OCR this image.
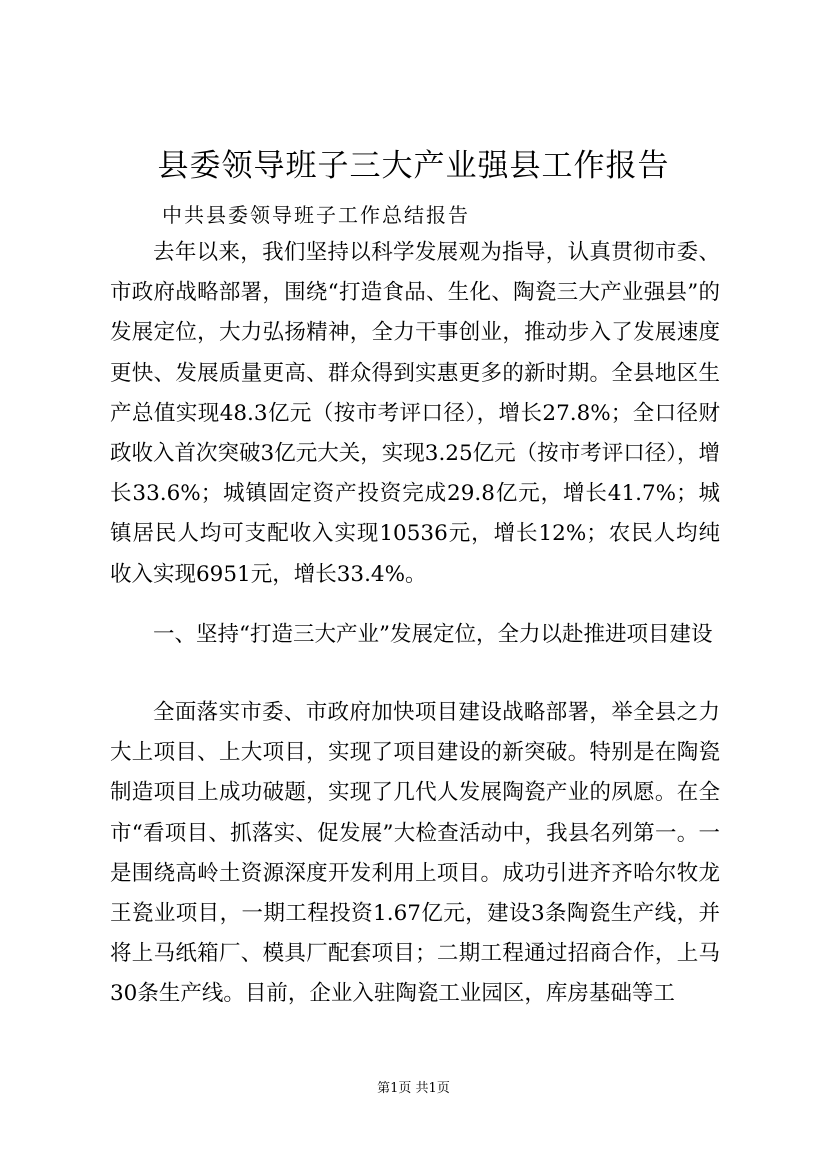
县委领导班子三大产业强县工作报告
中共县委领导班子工作总结报告

去年以来，我们坚持以科学发展观为指导，认真贯彻市委、市政府战略部署，围绕“打造食品、生化、陶瓷三大产业强县”的发展定位，大力弘扬精神，全力干事创业，推动步入了发展速度更快、发展质量更高、群众得到实惠更多的新时期。全县地区生产总值实现48.3亿元（按市考评口径），增长27.8%；全口径财政收入首次突破3亿元大关，实现3.25亿元（按市考评口径），增长33.6%；城镇固定资产投资完成29.8亿元，增长41.7%；城镇居民人均可支配收入实现10536元，增长12%；农民人均纯收入实现6951元，增长33.4%。

一、坚持“打造三大产业”发展定位，全力以赴推进项目建设

全面落实市委、市政府加快项目建设战略部署，举全县之力大上项目、上大项目，实现了项目建设的新突破。特别是在陶瓷制造项目上成功破题，实现了几代人发展陶瓷产业的夙愿。在全市“看项目、抓落实、促发展”大检查活动中，我县名列第一。一是围绕高岭土资源深度开发利用上项目。成功引进齐齐哈尔牧龙王瓷业项目，一期工程投资1.67亿元，建设3条陶瓷生产线，并将上马纸箱厂、模具厂配套项目；二期工程通过招商合作，上马30条生产线。目前，企业入驻陶瓷工业园区，库房基础等工

第1页 共1页
